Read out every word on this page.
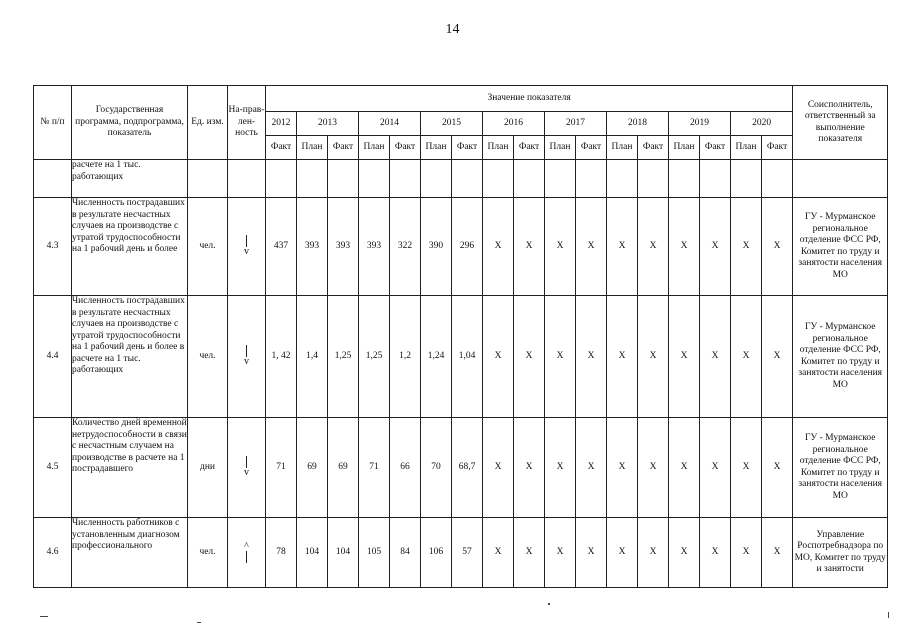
14
№ п/п	Государственная программа, подпрограмма, показатель	Ед. изм.	На-прав-лен-ность	Значение показателя																	Соисполнитель, ответственный за выполнение показателя
				2012	2013		2014		2015		2016		2017		2018		2019		2020		
				Факт	План	Факт	План	Факт	План	Факт	План	Факт	План	Факт	План	Факт	План	Факт	План	Факт	
	расчете на 1 тыс. работающих																				
4.3	Численность пострадавших в результате несчастных случаев на производстве с утратой трудоспособности на 1 рабочий день и более	чел.	v	437	393	393	393	322	390	296	Х	Х	Х	Х	Х	Х	Х	Х	Х	Х	ГУ - Мурманское региональное отделение ФСС РФ, Комитет по труду и занятости населения МО
4.4	Численность пострадавших в результате несчастных случаев на производстве с утратой трудоспособности на 1 рабочий день и более в расчете на 1 тыс. работающих	чел.	v	1, 42	1,4	1,25	1,25	1,2	1,24	1,04	Х	Х	Х	Х	Х	Х	Х	Х	Х	Х	ГУ - Мурманское региональное отделение ФСС РФ, Комитет по труду и занятости населения МО
4.5	Количество дней временной нетрудоспособности в связи с несчастным случаем на производстве в расчете на 1 пострадавшего	дни	v	71	69	69	71	66	70	68,7	Х	Х	Х	Х	Х	Х	Х	Х	Х	Х	ГУ - Мурманское региональное отделение ФСС РФ, Комитет по труду и занятости населения МО
4.6	Численность работников с установленным диагнозом профессионального	чел.	^	78	104	104	105	84	106	57	Х	Х	Х	Х	Х	Х	Х	Х	Х	Х	Управление Роспотребнадзора по МО, Комитет по труду и занятости
